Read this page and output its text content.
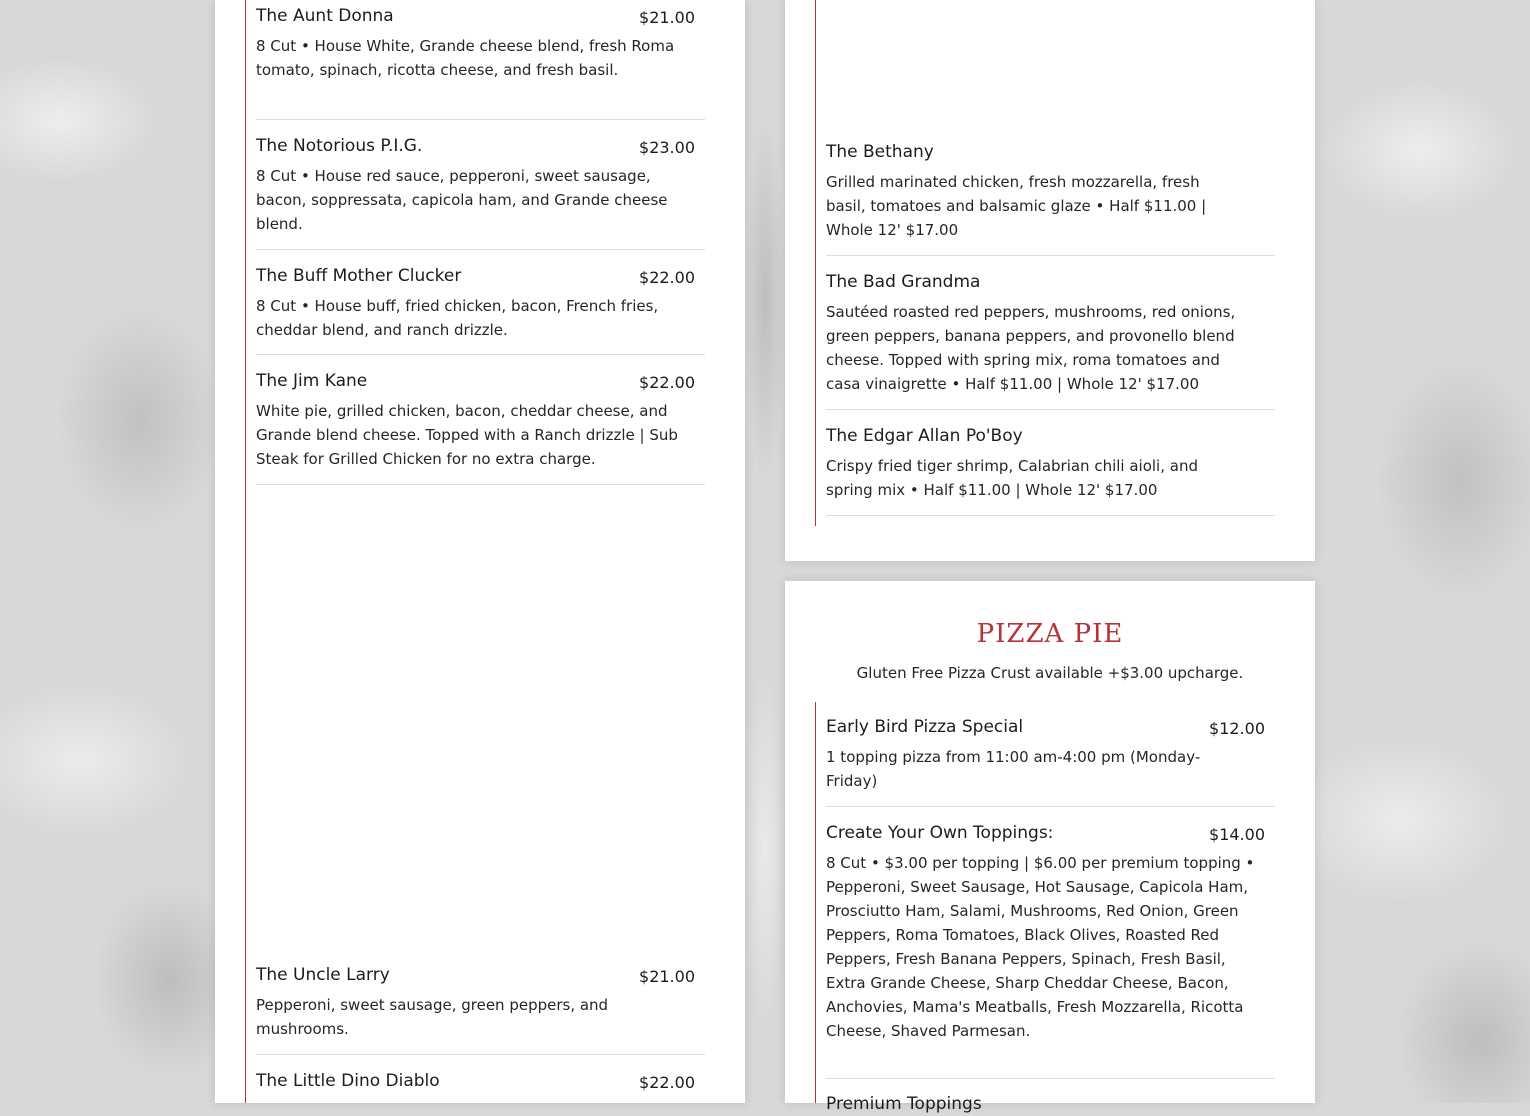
The Aunt Donna	$21.00
8 Cut • House White, Grande cheese blend, fresh Roma tomato, spinach, ricotta cheese, and fresh basil.
The Notorious P.I.G.	$23.00
8 Cut • House red sauce, pepperoni, sweet sausage, bacon, soppressata, capicola ham, and Grande cheese blend.
The Buff Mother Clucker	$22.00
8 Cut • House buff, fried chicken, bacon, French fries, cheddar blend, and ranch drizzle.
The Jim Kane	$22.00
White pie, grilled chicken, bacon, cheddar cheese, and Grande blend cheese. Topped with a Ranch drizzle | Sub Steak for Grilled Chicken for no extra charge.
The Uncle Larry	$21.00
Pepperoni, sweet sausage, green peppers, and mushrooms.
The Little Dino Diablo	$22.00
The Bethany
Grilled marinated chicken, fresh mozzarella, fresh basil, tomatoes and balsamic glaze • Half $11.00 | Whole 12' $17.00
The Bad Grandma
Sautéed roasted red peppers, mushrooms, red onions, green peppers, banana peppers, and provonello blend cheese. Topped with spring mix, roma tomatoes and casa vinaigrette • Half $11.00 | Whole 12' $17.00
The Edgar Allan Po'Boy
Crispy fried tiger shrimp, Calabrian chili aioli, and spring mix • Half $11.00 | Whole 12' $17.00
PIZZA PIE
Gluten Free Pizza Crust available +$3.00 upcharge.
Early Bird Pizza Special	$12.00
1 topping pizza from 11:00 am-4:00 pm (Monday-Friday)
Create Your Own Toppings:	$14.00
8 Cut • $3.00 per topping | $6.00 per premium topping • Pepperoni, Sweet Sausage, Hot Sausage, Capicola Ham, Prosciutto Ham, Salami, Mushrooms, Red Onion, Green Peppers, Roma Tomatoes, Black Olives, Roasted Red Peppers, Fresh Banana Peppers, Spinach, Fresh Basil, Extra Grande Cheese, Sharp Cheddar Cheese, Bacon, Anchovies, Mama's Meatballs, Fresh Mozzarella, Ricotta Cheese, Shaved Parmesan.
Premium Toppings
